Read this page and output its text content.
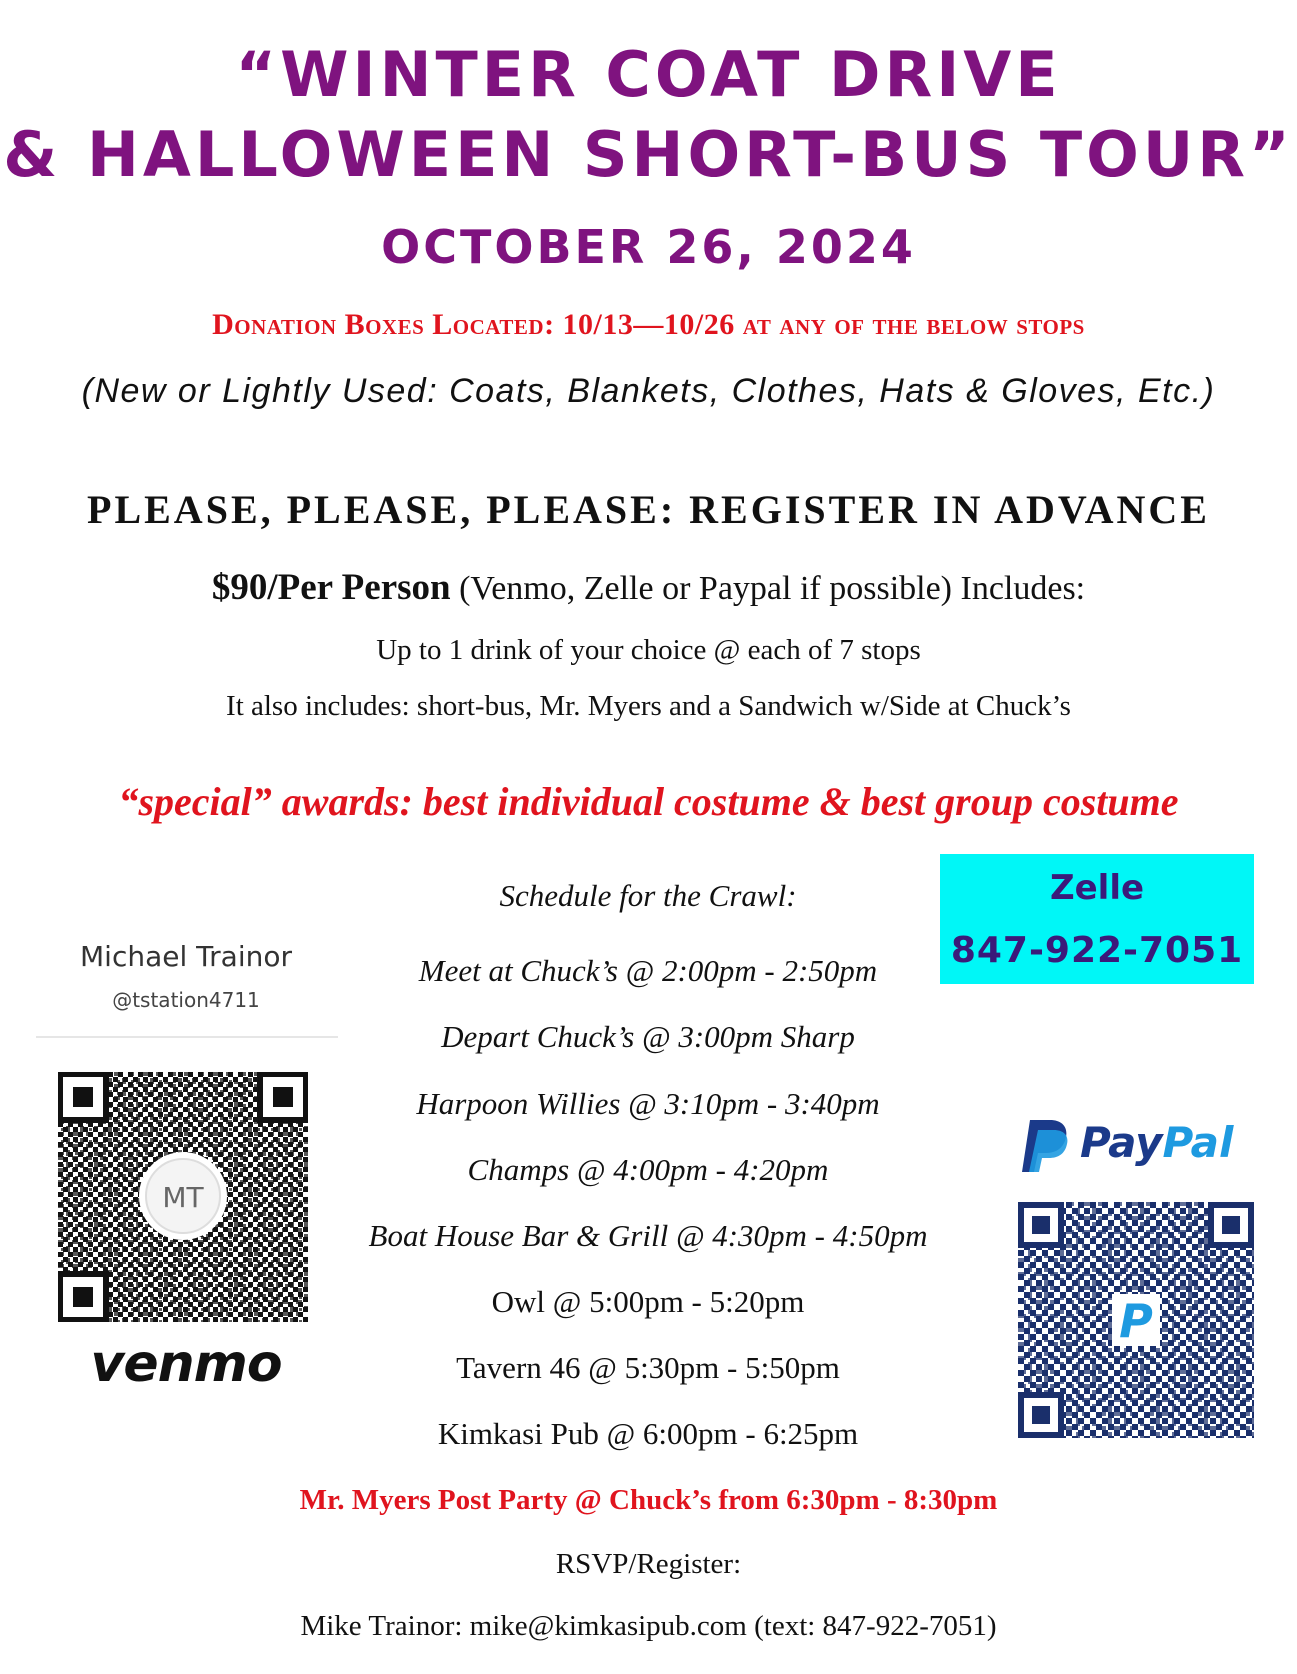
“WINTER COAT DRIVE
& HALLOWEEN SHORT-BUS TOUR”
OCTOBER 26, 2024
Donation Boxes Located: 10/13—10/26 at any of the below stops
(New or Lightly Used: Coats, Blankets, Clothes, Hats & Gloves, Etc.)
PLEASE, PLEASE, PLEASE: REGISTER IN ADVANCE
$90/Per Person (Venmo, Zelle or Paypal if possible) Includes:
Up to 1 drink of your choice @ each of 7 stops
It also includes: short-bus, Mr. Myers and a Sandwich w/Side at Chuck’s
“special” awards: best individual costume & best group costume
Schedule for the Crawl:
Meet at Chuck’s @ 2:00pm - 2:50pm
Depart Chuck’s @ 3:00pm Sharp
Harpoon Willies @ 3:10pm - 3:40pm
Champs @ 4:00pm - 4:20pm
Boat House Bar & Grill @ 4:30pm - 4:50pm
Owl @ 5:00pm - 5:20pm
Tavern 46 @ 5:30pm - 5:50pm
Kimkasi Pub @ 6:00pm - 6:25pm
Mr. Myers Post Party @ Chuck’s from 6:30pm - 8:30pm
RSVP/Register:
Mike Trainor: mike@kimkasipub.com (text: 847-922-7051)
Zelle
847-922-7051
Michael Trainor
@tstation4711
MT
venmo
PayPal
P
